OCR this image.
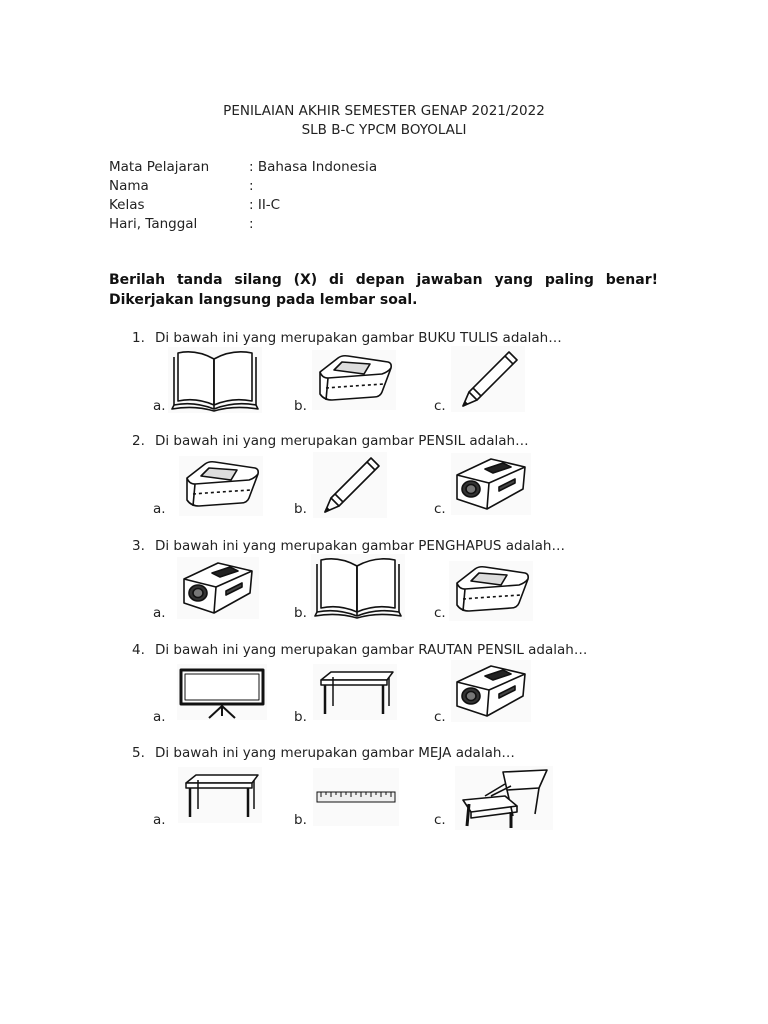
PENILAIAN AKHIR SEMESTER GENAP 2021/2022
SLB B-C YPCM BOYOLALI
Mata Pelajaran	: Bahasa Indonesia
Nama	:
Kelas	: II-C
Hari, Tanggal	:
Berilah tanda silang (X) di depan jawaban yang paling benar!
Dikerjakan langsung pada lembar soal.
1. Di bawah ini yang merupakan gambar BUKU TULIS adalah…
a.	b.	c.
2. Di bawah ini yang merupakan gambar PENSIL adalah…
a.	b.	c.
3. Di bawah ini yang merupakan gambar PENGHAPUS adalah…
a.	b.	c.
4. Di bawah ini yang merupakan gambar RAUTAN PENSIL adalah…
a.	b.	c.
5. Di bawah ini yang merupakan gambar MEJA adalah…
a.	b.	c.
